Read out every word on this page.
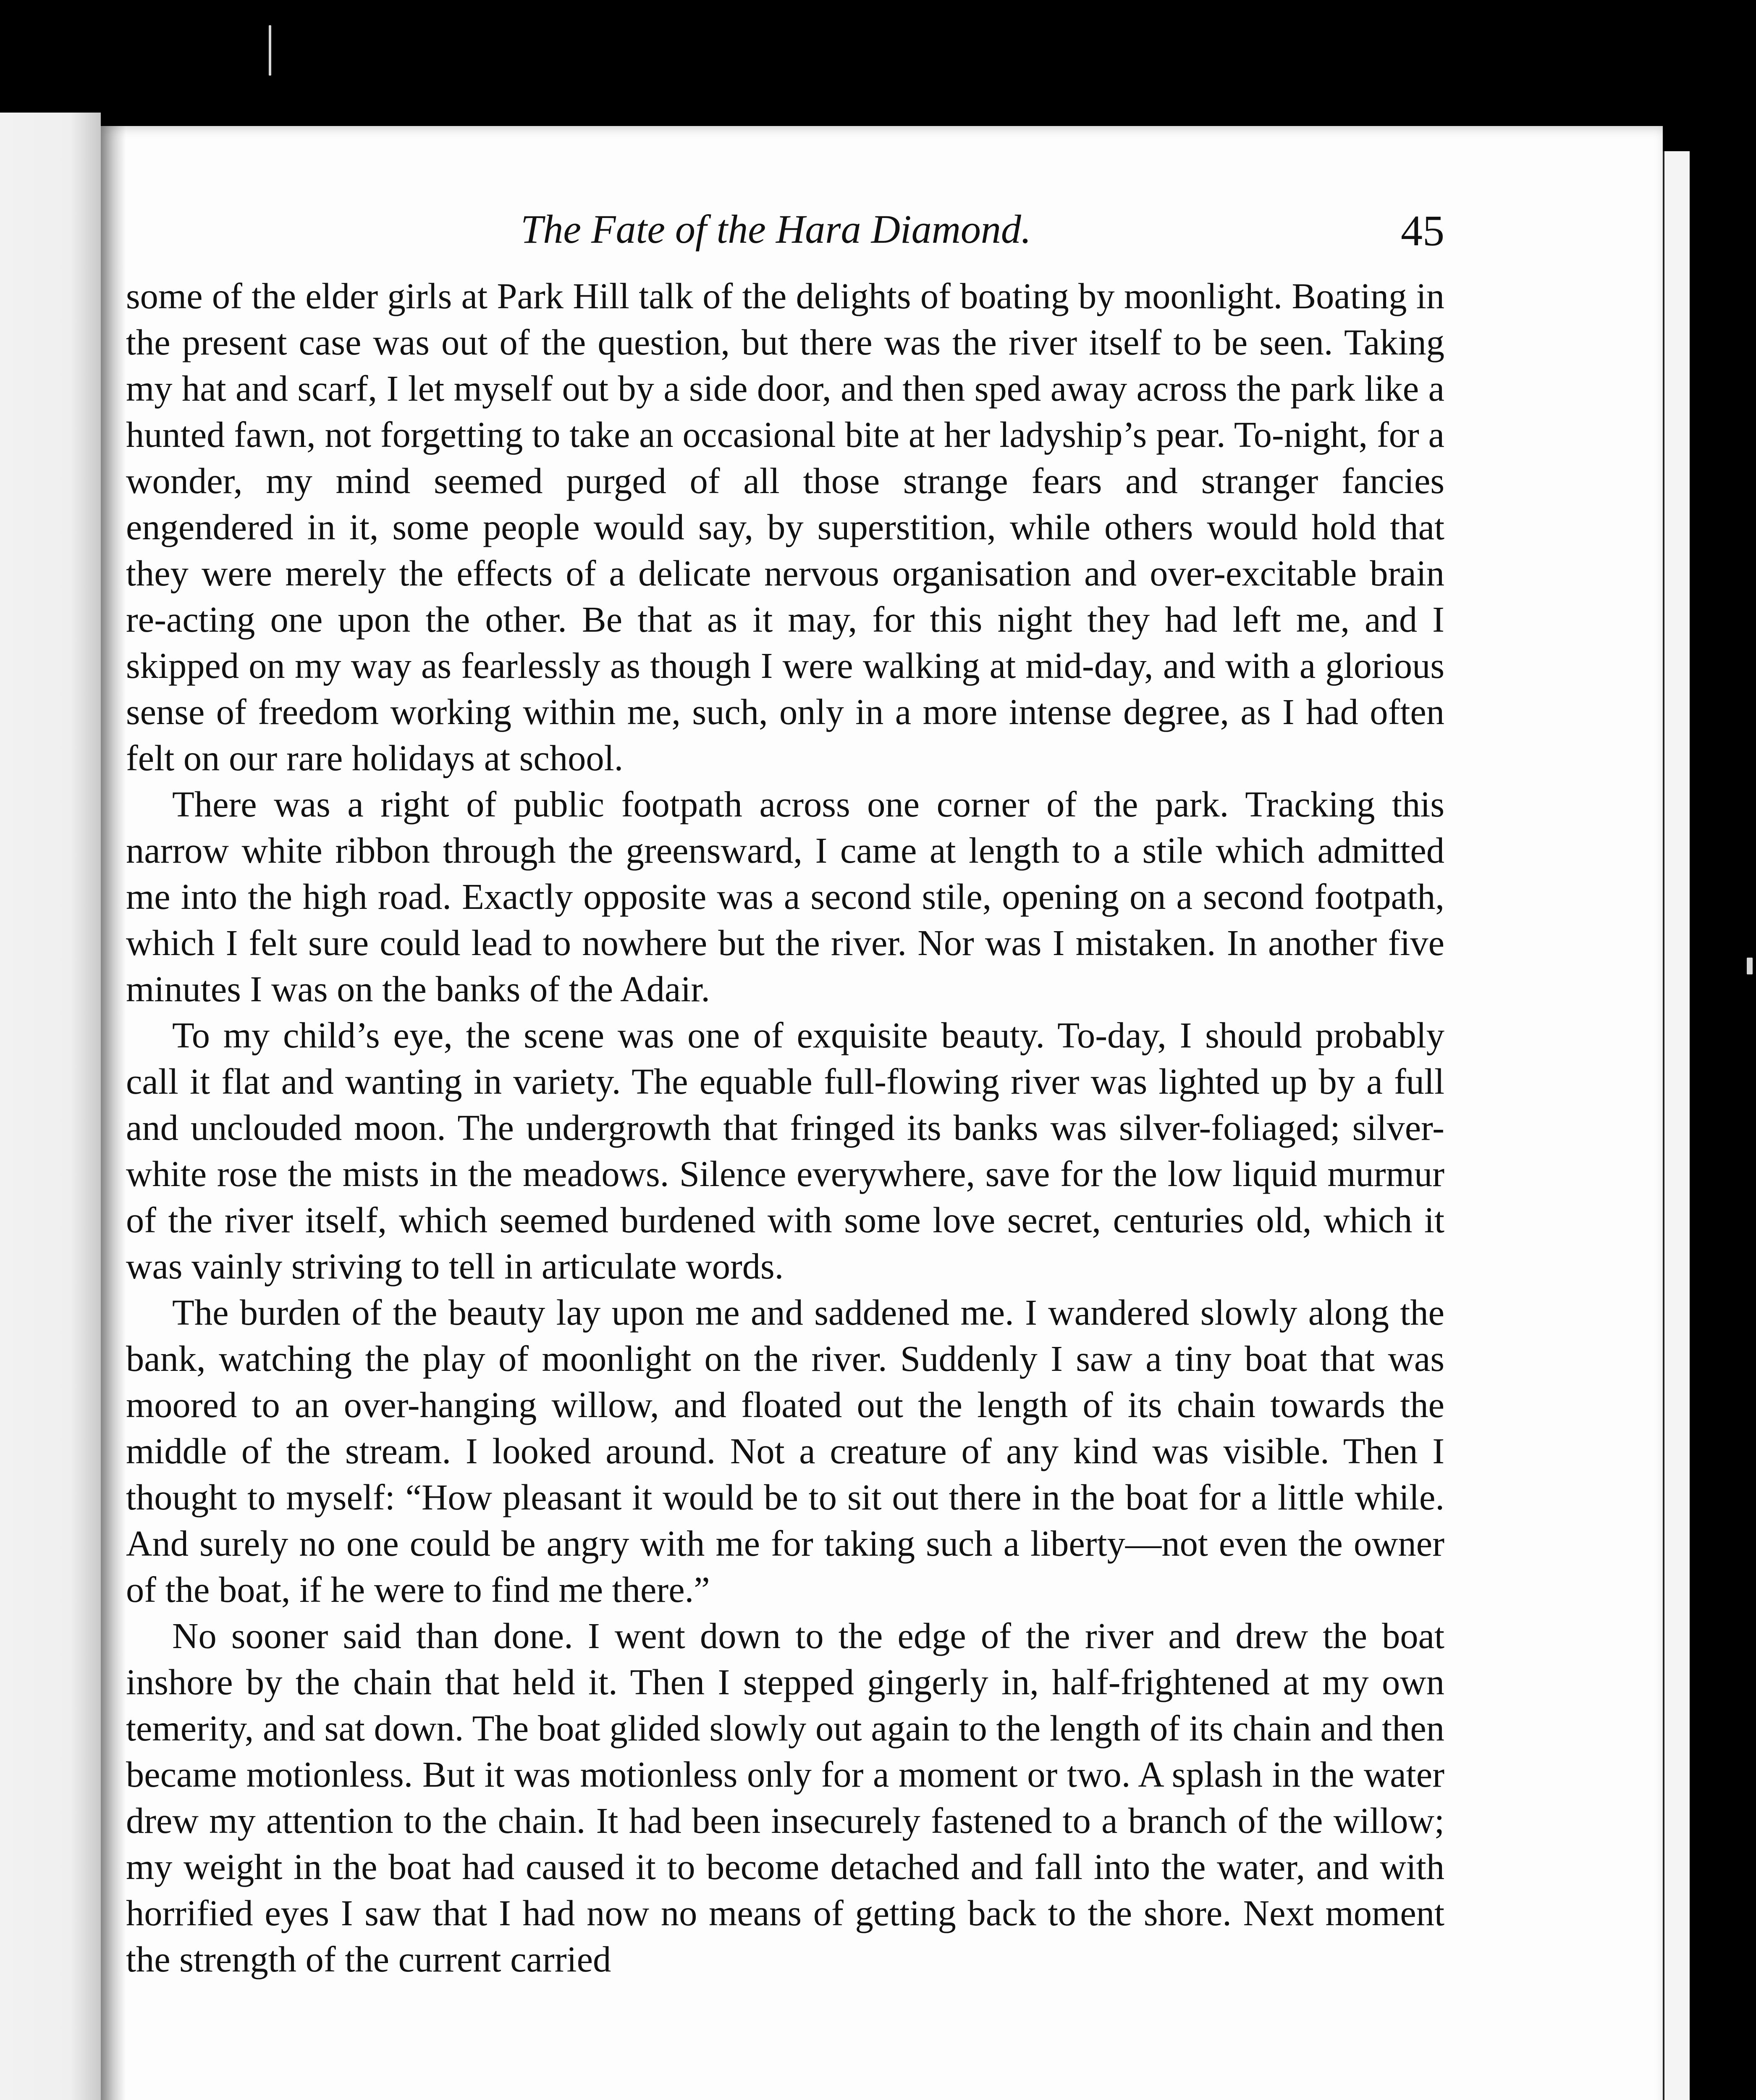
The Fate of the Hara Diamond.	45

some of the elder girls at Park Hill talk of the delights of boating by moonlight. Boating in the present case was out of the question, but there was the river itself to be seen. Taking my hat and scarf, I let myself out by a side door, and then sped away across the park like a hunted fawn, not forgetting to take an occasional bite at her ladyship’s pear. To-night, for a wonder, my mind seemed purged of all those strange fears and stranger fancies engendered in it, some people would say, by superstition, while others would hold that they were merely the effects of a delicate nervous organisation and over-excitable brain re-acting one upon the other. Be that as it may, for this night they had left me, and I skipped on my way as fearlessly as though I were walking at mid-day, and with a glorious sense of freedom working within me, such, only in a more intense degree, as I had often felt on our rare holidays at school.

There was a right of public footpath across one corner of the park. Tracking this narrow white ribbon through the greensward, I came at length to a stile which admitted me into the high road. Exactly opposite was a second stile, opening on a second footpath, which I felt sure could lead to nowhere but the river. Nor was I mistaken. In another five minutes I was on the banks of the Adair.

To my child’s eye, the scene was one of exquisite beauty. To-day, I should probably call it flat and wanting in variety. The equable full-flowing river was lighted up by a full and unclouded moon. The undergrowth that fringed its banks was silver-foliaged; silver-white rose the mists in the meadows. Silence everywhere, save for the low liquid murmur of the river itself, which seemed burdened with some love secret, centuries old, which it was vainly striving to tell in articulate words.

The burden of the beauty lay upon me and saddened me. I wandered slowly along the bank, watching the play of moonlight on the river. Suddenly I saw a tiny boat that was moored to an over-hanging willow, and floated out the length of its chain towards the middle of the stream. I looked around. Not a creature of any kind was visible. Then I thought to myself: “How pleasant it would be to sit out there in the boat for a little while. And surely no one could be angry with me for taking such a liberty—not even the owner of the boat, if he were to find me there.”

No sooner said than done. I went down to the edge of the river and drew the boat inshore by the chain that held it. Then I stepped gingerly in, half-frightened at my own temerity, and sat down. The boat glided slowly out again to the length of its chain and then became motionless. But it was motionless only for a moment or two. A splash in the water drew my attention to the chain. It had been insecurely fastened to a branch of the willow; my weight in the boat had caused it to become detached and fall into the water, and with horrified eyes I saw that I had now no means of getting back to the shore. Next moment the strength of the current carried
